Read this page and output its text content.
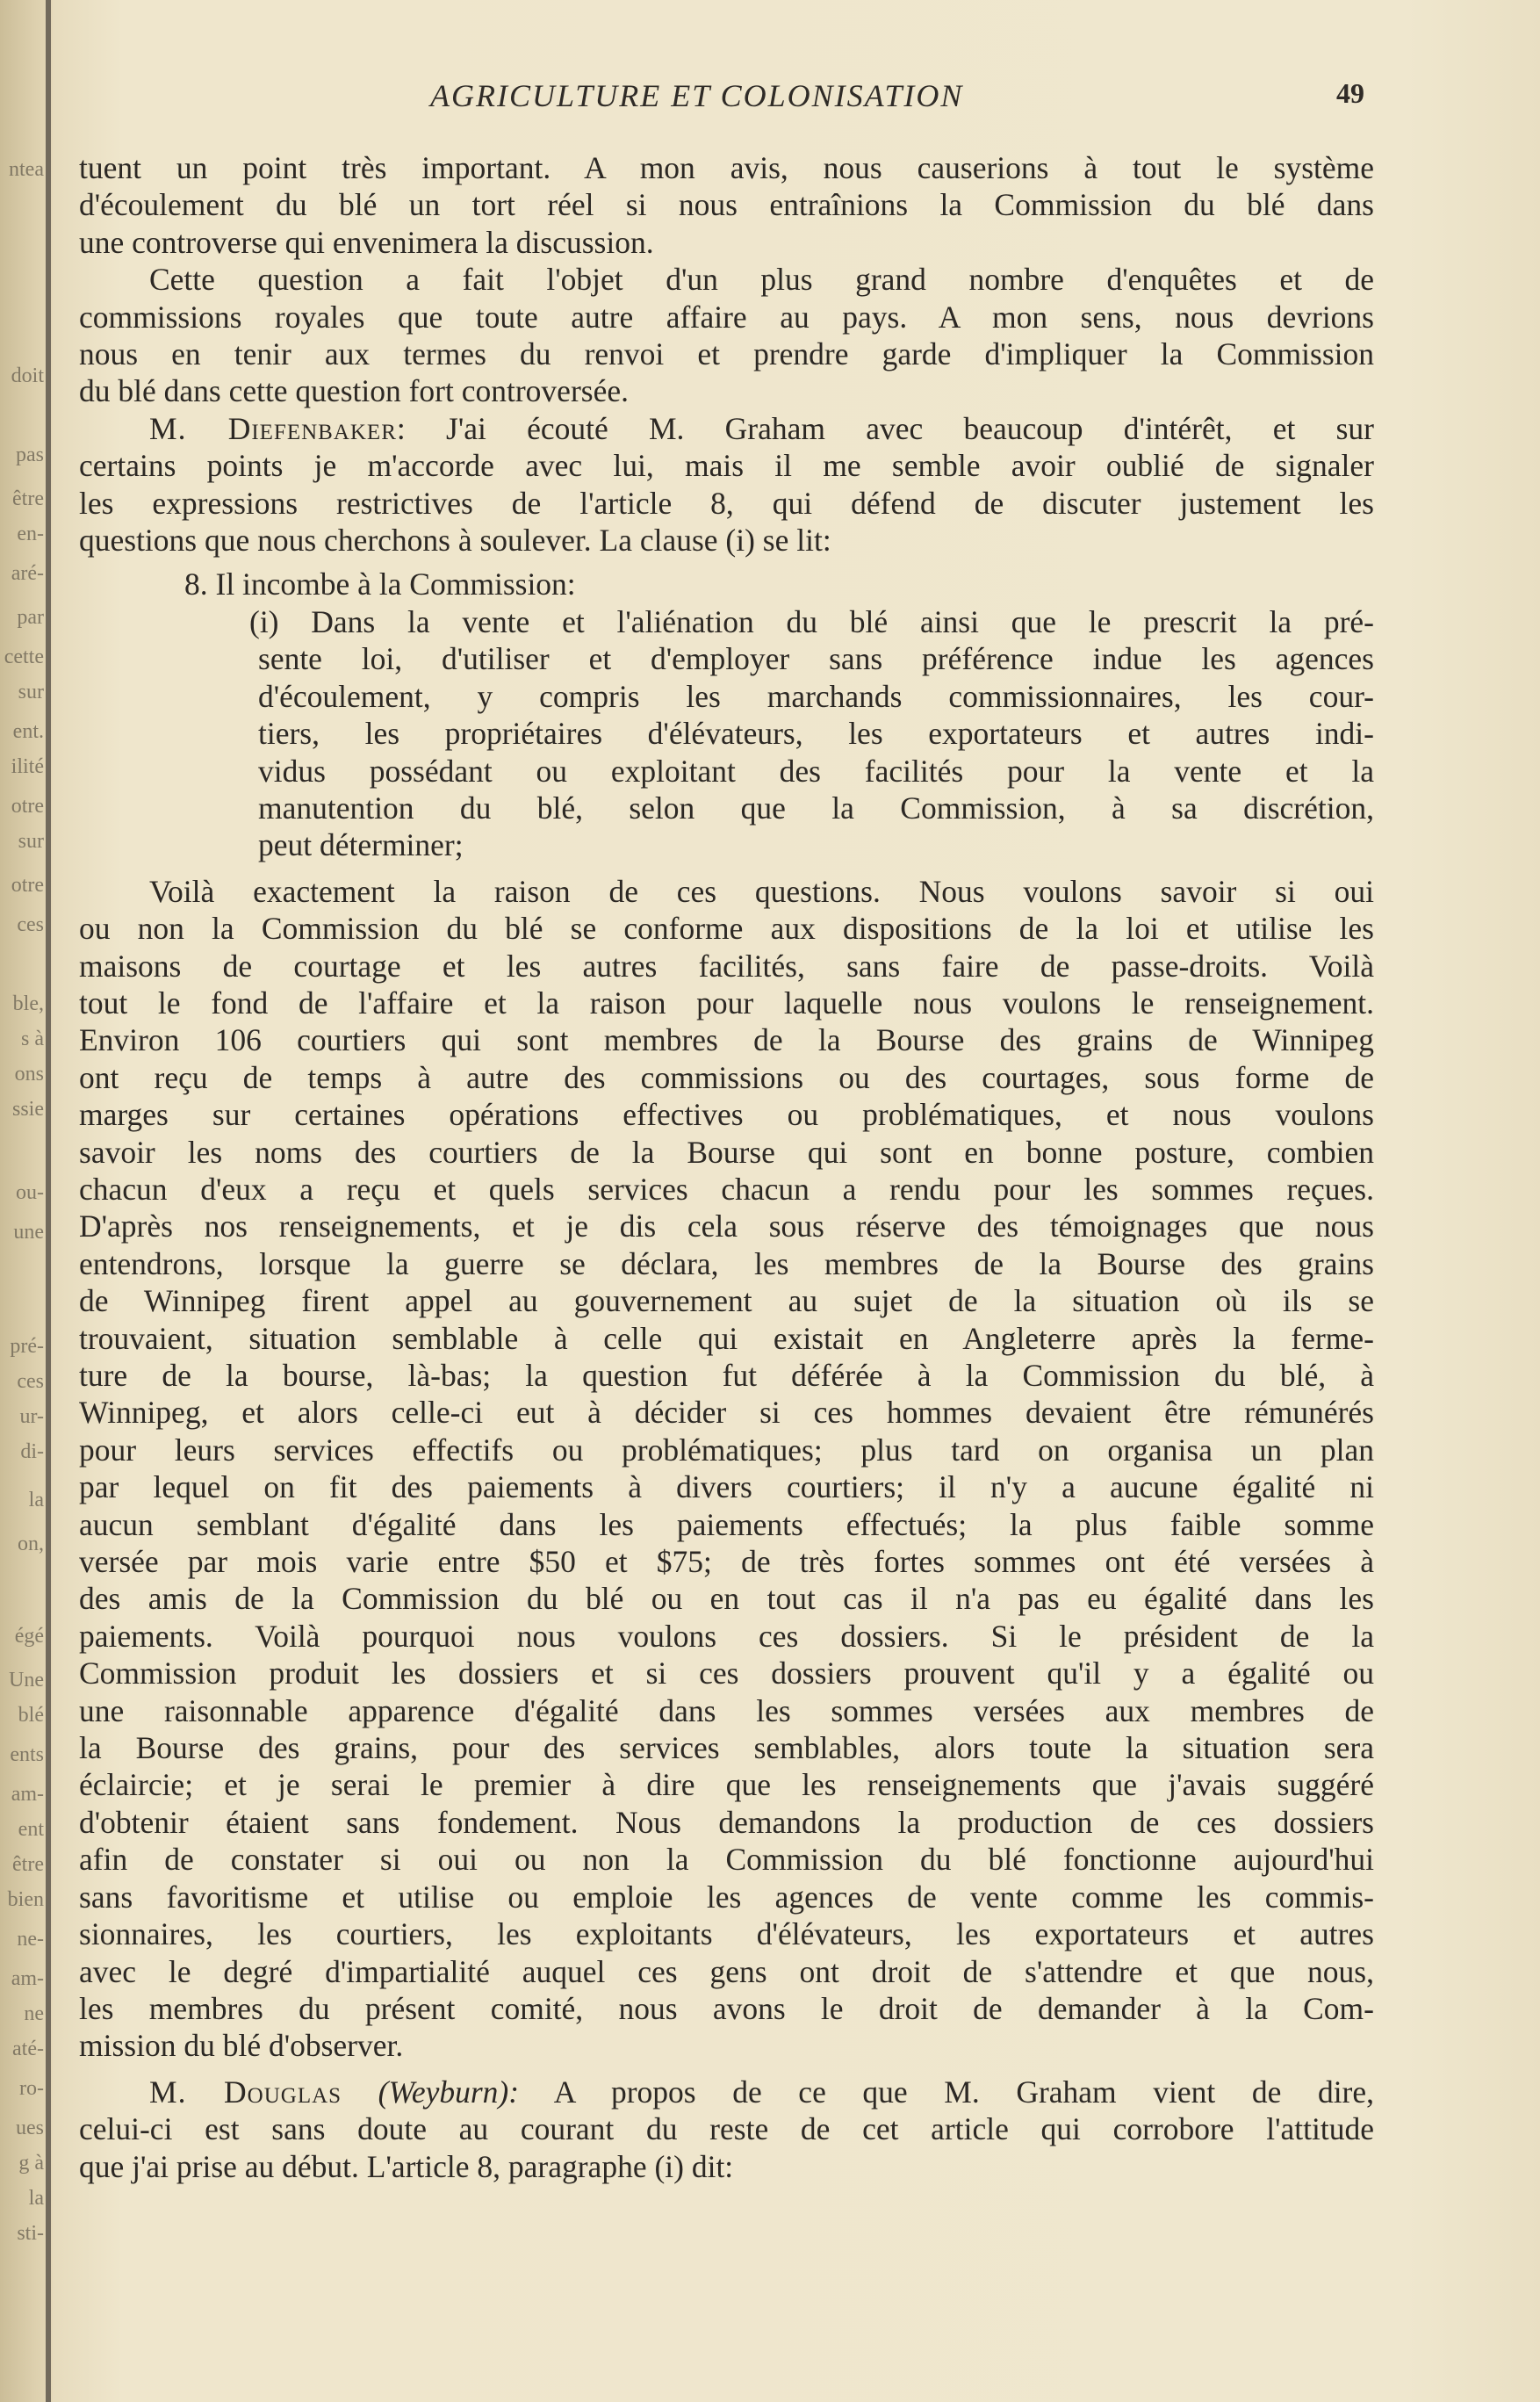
ntea
doit
pas
être
en-
aré-
par
cette
sur
ent.
ilité
otre
sur
otre
ces
ble,
s à
ons
ssie
ou-
une
pré-
ces
ur-
di-
la
on,
égé
Une
blé
ents
am-
ent
être
bien
ne-
am-
ne
até-
ro-
ues
g à
la
sti-
AGRICULTURE ET COLONISATION	49
tuent un point très important. A mon avis, nous causerions à tout le système
d'écoulement du blé un tort réel si nous entraînions la Commission du blé dans
une controverse qui envenimera la discussion.
Cette question a fait l'objet d'un plus grand nombre d'enquêtes et de
commissions royales que toute autre affaire au pays. A mon sens, nous devrions
nous en tenir aux termes du renvoi et prendre garde d'impliquer la Commission
du blé dans cette question fort controversée.
M. Diefenbaker: J'ai écouté M. Graham avec beaucoup d'intérêt, et sur
certains points je m'accorde avec lui, mais il me semble avoir oublié de signaler
les expressions restrictives de l'article 8, qui défend de discuter justement les
questions que nous cherchons à soulever. La clause (i) se lit:
8. Il incombe à la Commission:
(i) Dans la vente et l'aliénation du blé ainsi que le prescrit la pré-
sente loi, d'utiliser et d'employer sans préférence indue les agences
d'écoulement, y compris les marchands commissionnaires, les cour-
tiers, les propriétaires d'élévateurs, les exportateurs et autres indi-
vidus possédant ou exploitant des facilités pour la vente et la
manutention du blé, selon que la Commission, à sa discrétion,
peut déterminer;
Voilà exactement la raison de ces questions. Nous voulons savoir si oui
ou non la Commission du blé se conforme aux dispositions de la loi et utilise les
maisons de courtage et les autres facilités, sans faire de passe-droits. Voilà
tout le fond de l'affaire et la raison pour laquelle nous voulons le renseignement.
Environ 106 courtiers qui sont membres de la Bourse des grains de Winnipeg
ont reçu de temps à autre des commissions ou des courtages, sous forme de
marges sur certaines opérations effectives ou problématiques, et nous voulons
savoir les noms des courtiers de la Bourse qui sont en bonne posture, combien
chacun d'eux a reçu et quels services chacun a rendu pour les sommes reçues.
D'après nos renseignements, et je dis cela sous réserve des témoignages que nous
entendrons, lorsque la guerre se déclara, les membres de la Bourse des grains
de Winnipeg firent appel au gouvernement au sujet de la situation où ils se
trouvaient, situation semblable à celle qui existait en Angleterre après la ferme-
ture de la bourse, là-bas; la question fut déférée à la Commission du blé, à
Winnipeg, et alors celle-ci eut à décider si ces hommes devaient être rémunérés
pour leurs services effectifs ou problématiques; plus tard on organisa un plan
par lequel on fit des paiements à divers courtiers; il n'y a aucune égalité ni
aucun semblant d'égalité dans les paiements effectués; la plus faible somme
versée par mois varie entre $50 et $75; de très fortes sommes ont été versées à
des amis de la Commission du blé ou en tout cas il n'a pas eu égalité dans les
paiements. Voilà pourquoi nous voulons ces dossiers. Si le président de la
Commission produit les dossiers et si ces dossiers prouvent qu'il y a égalité ou
une raisonnable apparence d'égalité dans les sommes versées aux membres de
la Bourse des grains, pour des services semblables, alors toute la situation sera
éclaircie; et je serai le premier à dire que les renseignements que j'avais suggéré
d'obtenir étaient sans fondement. Nous demandons la production de ces dossiers
afin de constater si oui ou non la Commission du blé fonctionne aujourd'hui
sans favoritisme et utilise ou emploie les agences de vente comme les commis-
sionnaires, les courtiers, les exploitants d'élévateurs, les exportateurs et autres
avec le degré d'impartialité auquel ces gens ont droit de s'attendre et que nous,
les membres du présent comité, nous avons le droit de demander à la Com-
mission du blé d'observer.
M. Douglas (Weyburn): A propos de ce que M. Graham vient de dire,
celui-ci est sans doute au courant du reste de cet article qui corrobore l'attitude
que j'ai prise au début. L'article 8, paragraphe (i) dit:
